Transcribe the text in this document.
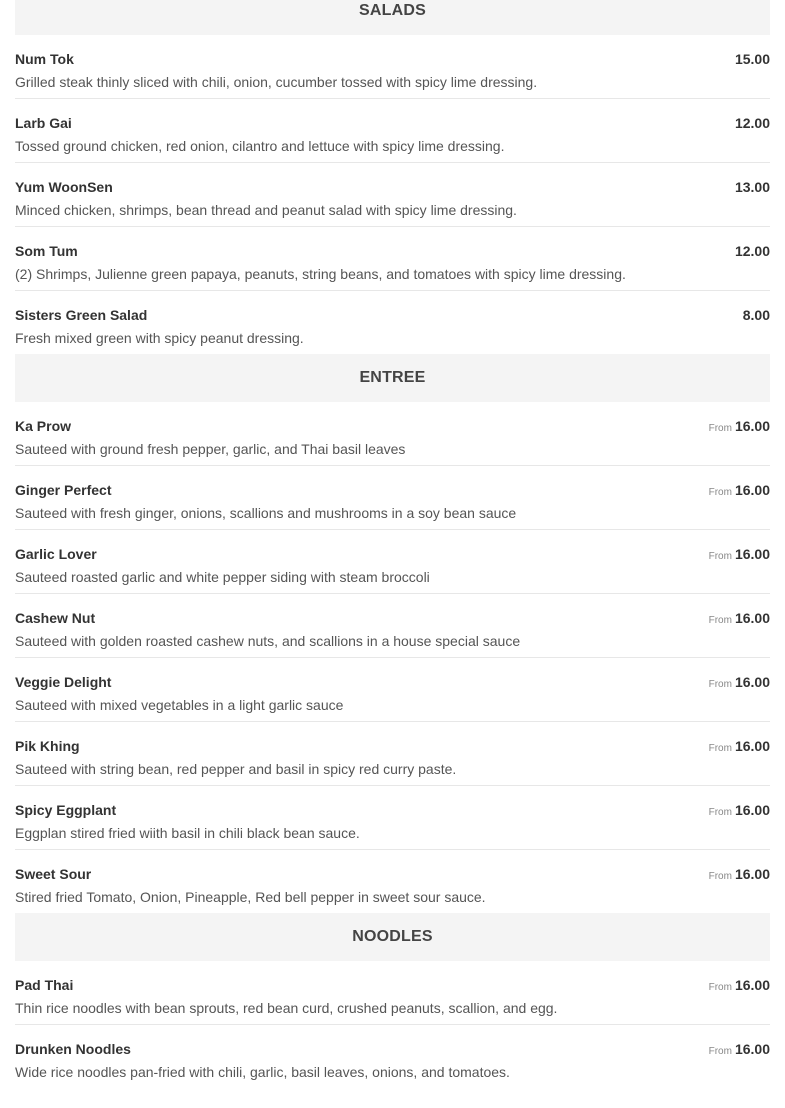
SALADS
Num Tok	15.00
Grilled steak thinly sliced with chili, onion, cucumber tossed with spicy lime dressing.
Larb Gai	12.00
Tossed ground chicken, red onion, cilantro and lettuce with spicy lime dressing.
Yum WoonSen	13.00
Minced chicken, shrimps, bean thread and peanut salad with spicy lime dressing.
Som Tum	12.00
(2) Shrimps, Julienne green papaya, peanuts, string beans, and tomatoes with spicy lime dressing.
Sisters Green Salad	8.00
Fresh mixed green with spicy peanut dressing.
ENTREE
Ka Prow	From 16.00
Sauteed with ground fresh pepper, garlic, and Thai basil leaves
Ginger Perfect	From 16.00
Sauteed with fresh ginger, onions, scallions and mushrooms in a soy bean sauce
Garlic Lover	From 16.00
Sauteed roasted garlic and white pepper siding with steam broccoli
Cashew Nut	From 16.00
Sauteed with golden roasted cashew nuts, and scallions in a house special sauce
Veggie Delight	From 16.00
Sauteed with mixed vegetables in a light garlic sauce
Pik Khing	From 16.00
Sauteed with string bean, red pepper and basil in spicy red curry paste.
Spicy Eggplant	From 16.00
Eggplan stired fried wiith basil in chili black bean sauce.
Sweet Sour	From 16.00
Stired fried Tomato, Onion, Pineapple, Red bell pepper in sweet sour sauce.
NOODLES
Pad Thai	From 16.00
Thin rice noodles with bean sprouts, red bean curd, crushed peanuts, scallion, and egg.
Drunken Noodles	From 16.00
Wide rice noodles pan-fried with chili, garlic, basil leaves, onions, and tomatoes.
